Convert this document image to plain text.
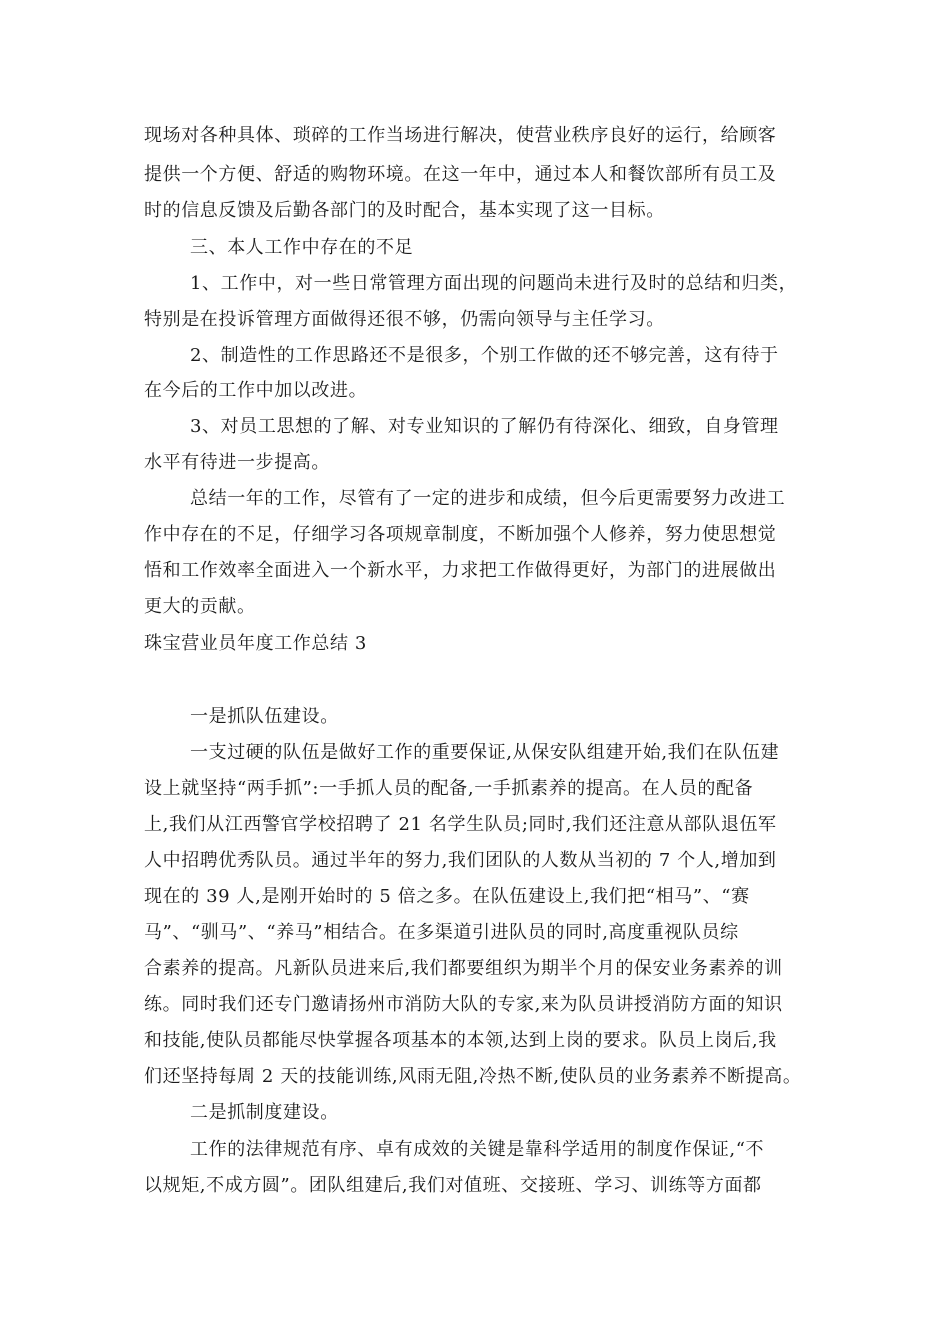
现场对各种具体、琐碎的工作当场进行解决，使营业秩序良好的运行，给顾客
提供一个方便、舒适的购物环境。在这一年中，通过本人和餐饮部所有员工及
时的信息反馈及后勤各部门的及时配合，基本实现了这一目标。
三、本人工作中存在的不足
1、工作中，对一些日常管理方面出现的问题尚未进行及时的总结和归类，
特别是在投诉管理方面做得还很不够，仍需向领导与主任学习。
2、制造性的工作思路还不是很多，个别工作做的还不够完善，这有待于
在今后的工作中加以改进。
3、对员工思想的了解、对专业知识的了解仍有待深化、细致，自身管理
水平有待进一步提高。
总结一年的工作，尽管有了一定的进步和成绩，但今后更需要努力改进工
作中存在的不足，仔细学习各项规章制度，不断加强个人修养，努力使思想觉
悟和工作效率全面进入一个新水平，力求把工作做得更好，为部门的进展做出
更大的贡献。
珠宝营业员年度工作总结 3
一是抓队伍建设。
一支过硬的队伍是做好工作的重要保证,从保安队组建开始,我们在队伍建
设上就坚持“两手抓”:一手抓人员的配备,一手抓素养的提高。在人员的配备
上,我们从江西警官学校招聘了 21 名学生队员;同时,我们还注意从部队退伍军
人中招聘优秀队员。通过半年的努力,我们团队的人数从当初的 7 个人,增加到
现在的 39 人,是刚开始时的 5 倍之多。在队伍建设上,我们把“相马”、“赛
马”、“驯马”、“养马”相结合。在多渠道引进队员的同时,高度重视队员综
合素养的提高。凡新队员进来后,我们都要组织为期半个月的保安业务素养的训
练。同时我们还专门邀请扬州市消防大队的专家,来为队员讲授消防方面的知识
和技能,使队员都能尽快掌握各项基本的本领,达到上岗的要求。队员上岗后,我
们还坚持每周 2 天的技能训练,风雨无阻,冷热不断,使队员的业务素养不断提高。
二是抓制度建设。
工作的法律规范有序、卓有成效的关键是靠科学适用的制度作保证,“不
以规矩,不成方圆”。团队组建后,我们对值班、交接班、学习、训练等方面都
